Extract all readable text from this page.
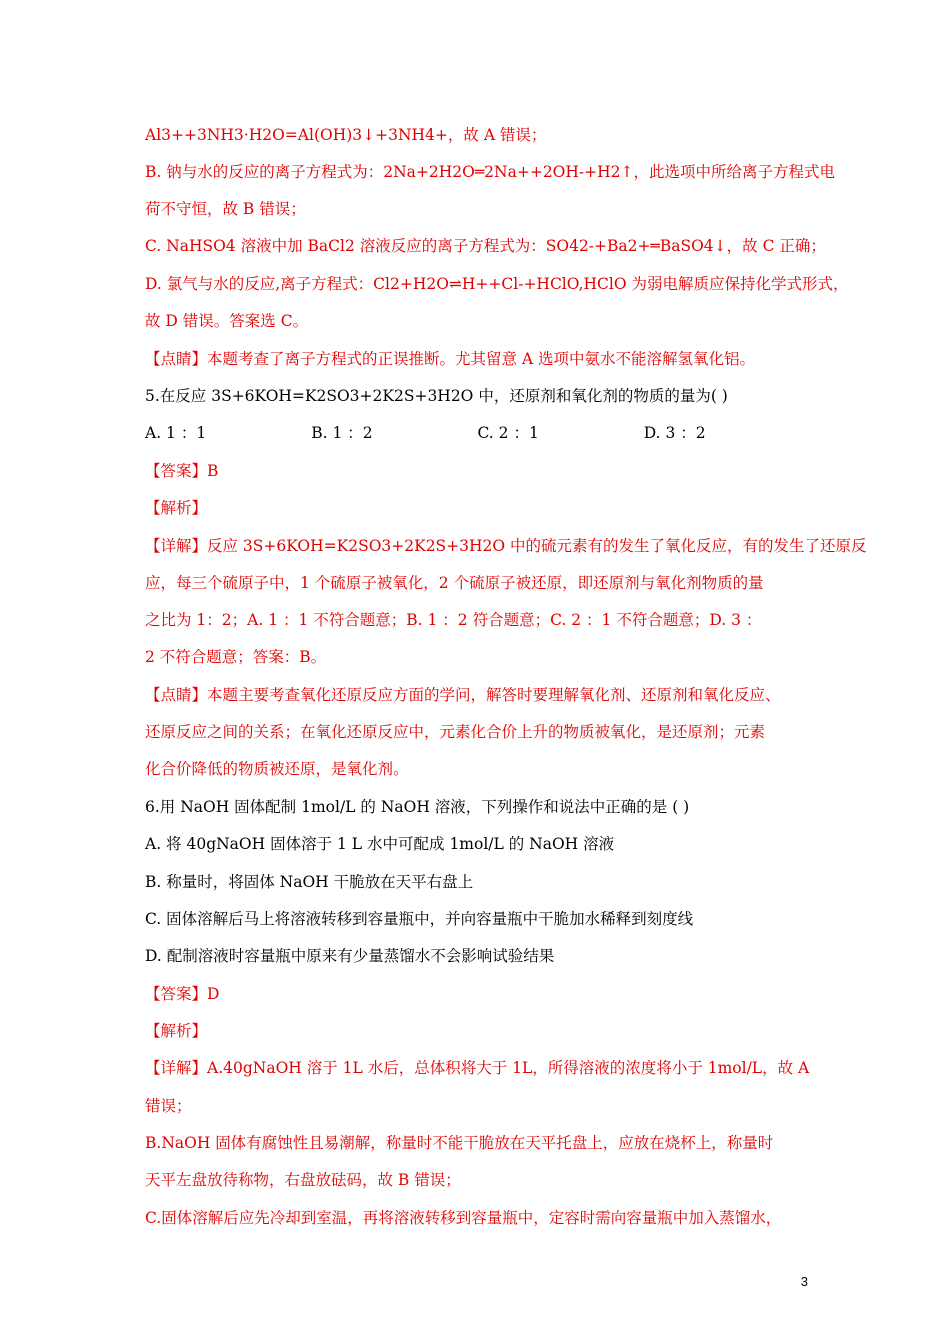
Al3++3NH3·H2O=Al(OH)3↓+3NH4+，故 A 错误；
B. 钠与水的反应的离子方程式为：2Na+2H2O═2Na++2OH-+H2↑，此选项中所给离子方程式电
荷不守恒，故 B 错误；
C. NaHSO4 溶液中加 BaCl2 溶液反应的离子方程式为：SO42-+Ba2+═BaSO4↓，故 C 正确；
D. 氯气与水的反应,离子方程式：Cl2+H2O⇌H++Cl-+HClO,HClO 为弱电解质应保持化学式形式，
故 D 错误。答案选 C。
【点睛】本题考查了离子方程式的正误推断。尤其留意 A 选项中氨水不能溶解氢氧化铝。
5.在反应 3S+6KOH=K2SO3+2K2S+3H2O 中，还原剂和氧化剂的物质的量为( )
A. 1 ：1	B. 1 ：2	C. 2 ：1	D. 3 ：2
【答案】B
【解析】
【详解】反应 3S+6KOH=K2SO3+2K2S+3H2O 中的硫元素有的发生了氧化反应，有的发生了还原反
应，每三个硫原子中，1 个硫原子被氧化，2 个硫原子被还原，即还原剂与氧化剂物质的量
之比为 1：2；A. 1 ：1 不符合题意；B. 1 ：2 符合题意；C. 2 ：1 不符合题意；D. 3 ：
2 不符合题意；答案：B。
【点睛】本题主要考查氧化还原反应方面的学问，解答时要理解氧化剂、还原剂和氧化反应、
还原反应之间的关系；在氧化还原反应中，元素化合价上升的物质被氧化，是还原剂；元素
化合价降低的物质被还原，是氧化剂。
6.用 NaOH 固体配制 1mol/L 的 NaOH 溶液，下列操作和说法中正确的是 ( )
A. 将 40gNaOH 固体溶于 1 L 水中可配成 1mol/L 的 NaOH 溶液
B. 称量时，将固体 NaOH 干脆放在天平右盘上
C. 固体溶解后马上将溶液转移到容量瓶中，并向容量瓶中干脆加水稀释到刻度线
D. 配制溶液时容量瓶中原来有少量蒸馏水不会影响试验结果
【答案】D
【解析】
【详解】A.40gNaOH 溶于 1L 水后，总体积将大于 1L，所得溶液的浓度将小于 1mol/L，故 A
错误；
B.NaOH 固体有腐蚀性且易潮解，称量时不能干脆放在天平托盘上，应放在烧杯上，称量时
天平左盘放待称物，右盘放砝码，故 B 错误；
C.固体溶解后应先冷却到室温，再将溶液转移到容量瓶中，定容时需向容量瓶中加入蒸馏水，
3
